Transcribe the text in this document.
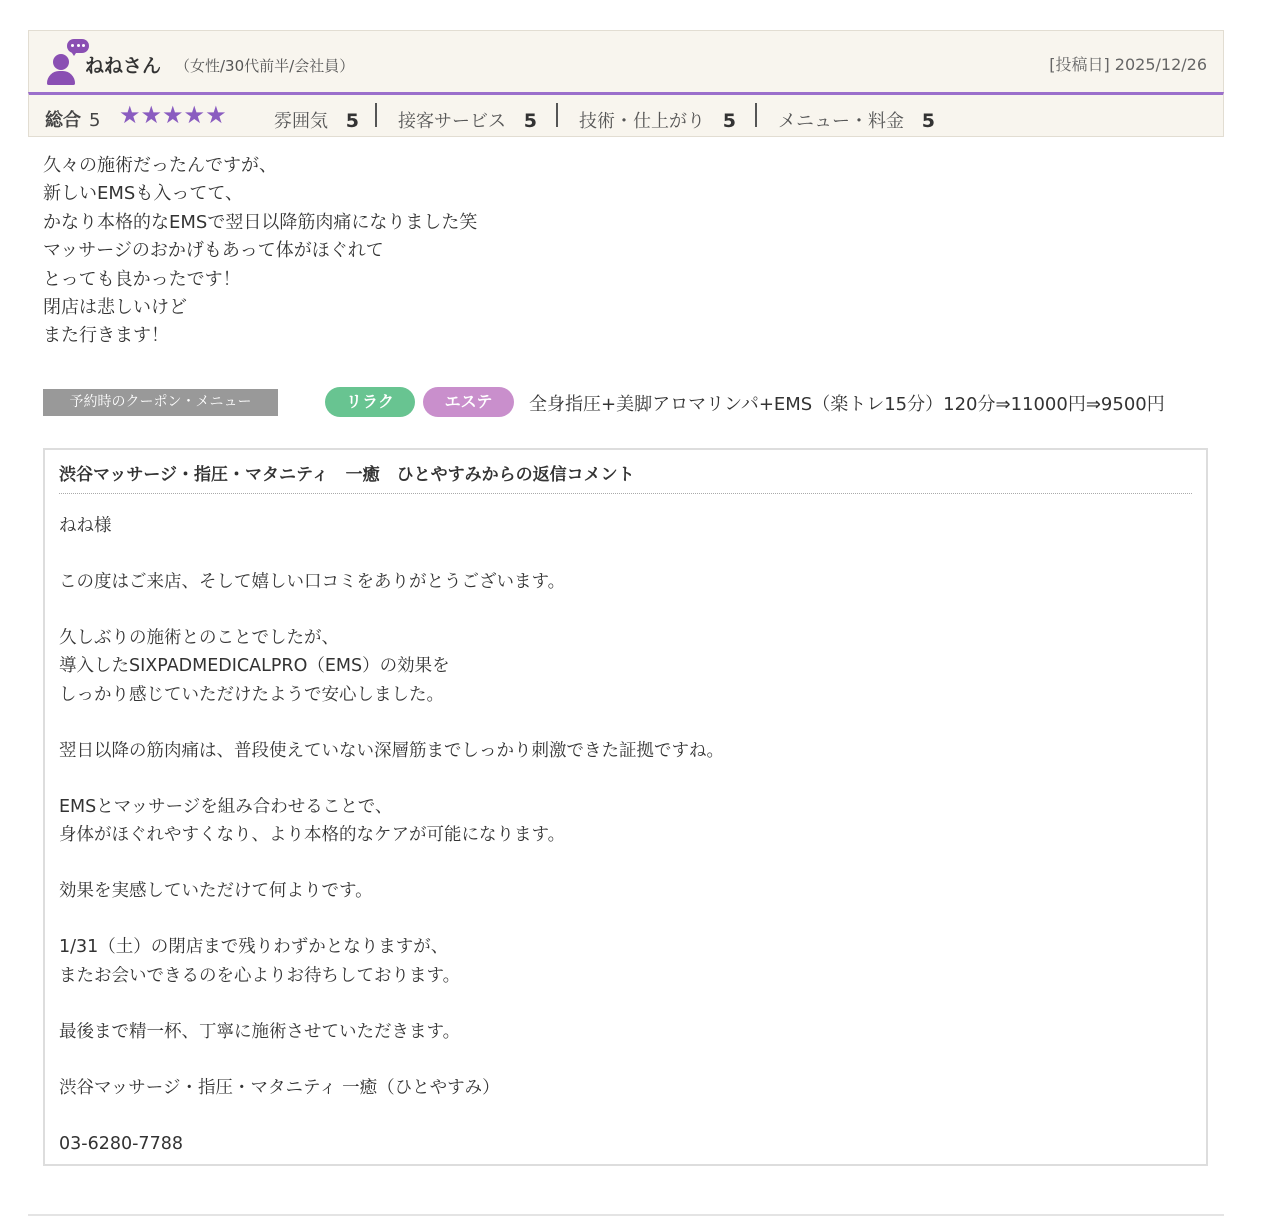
ねねさん （女性/30代前半/会社員）	[投稿日] 2025/12/26
総合 5 ★★★★★	雰囲気 5 接客サービス 5 技術・仕上がり 5 メニュー・料金 5

久々の施術だったんですが、

新しいEMSも入ってて、

かなり本格的なEMSで翌日以降筋肉痛になりました笑

マッサージのおかげもあって体がほぐれて

とっても良かったです！

閉店は悲しいけど

また行きます！

予約時のクーポン・メニュー	リラク	エステ	全身指圧+美脚アロマリンパ+EMS（楽トレ15分）120分⇒11000円⇒9500円
渋谷マッサージ・指圧・マタニティ　一癒　ひとやすみからの返信コメント

ねね様

この度はご来店、そして嬉しい口コミをありがとうございます。

久しぶりの施術とのことでしたが、

導入したSIXPADMEDICALPRO（EMS）の効果を

しっかり感じていただけたようで安心しました。

翌日以降の筋肉痛は、普段使えていない深層筋までしっかり刺激できた証拠ですね。

EMSとマッサージを組み合わせることで、

身体がほぐれやすくなり、より本格的なケアが可能になります。

効果を実感していただけて何よりです。

1/31（土）の閉店まで残りわずかとなりますが、

またお会いできるのを心よりお待ちしております。

最後まで精一杯、丁寧に施術させていただきます。

渋谷マッサージ・指圧・マタニティ 一癒（ひとやすみ）

03-6280-7788
